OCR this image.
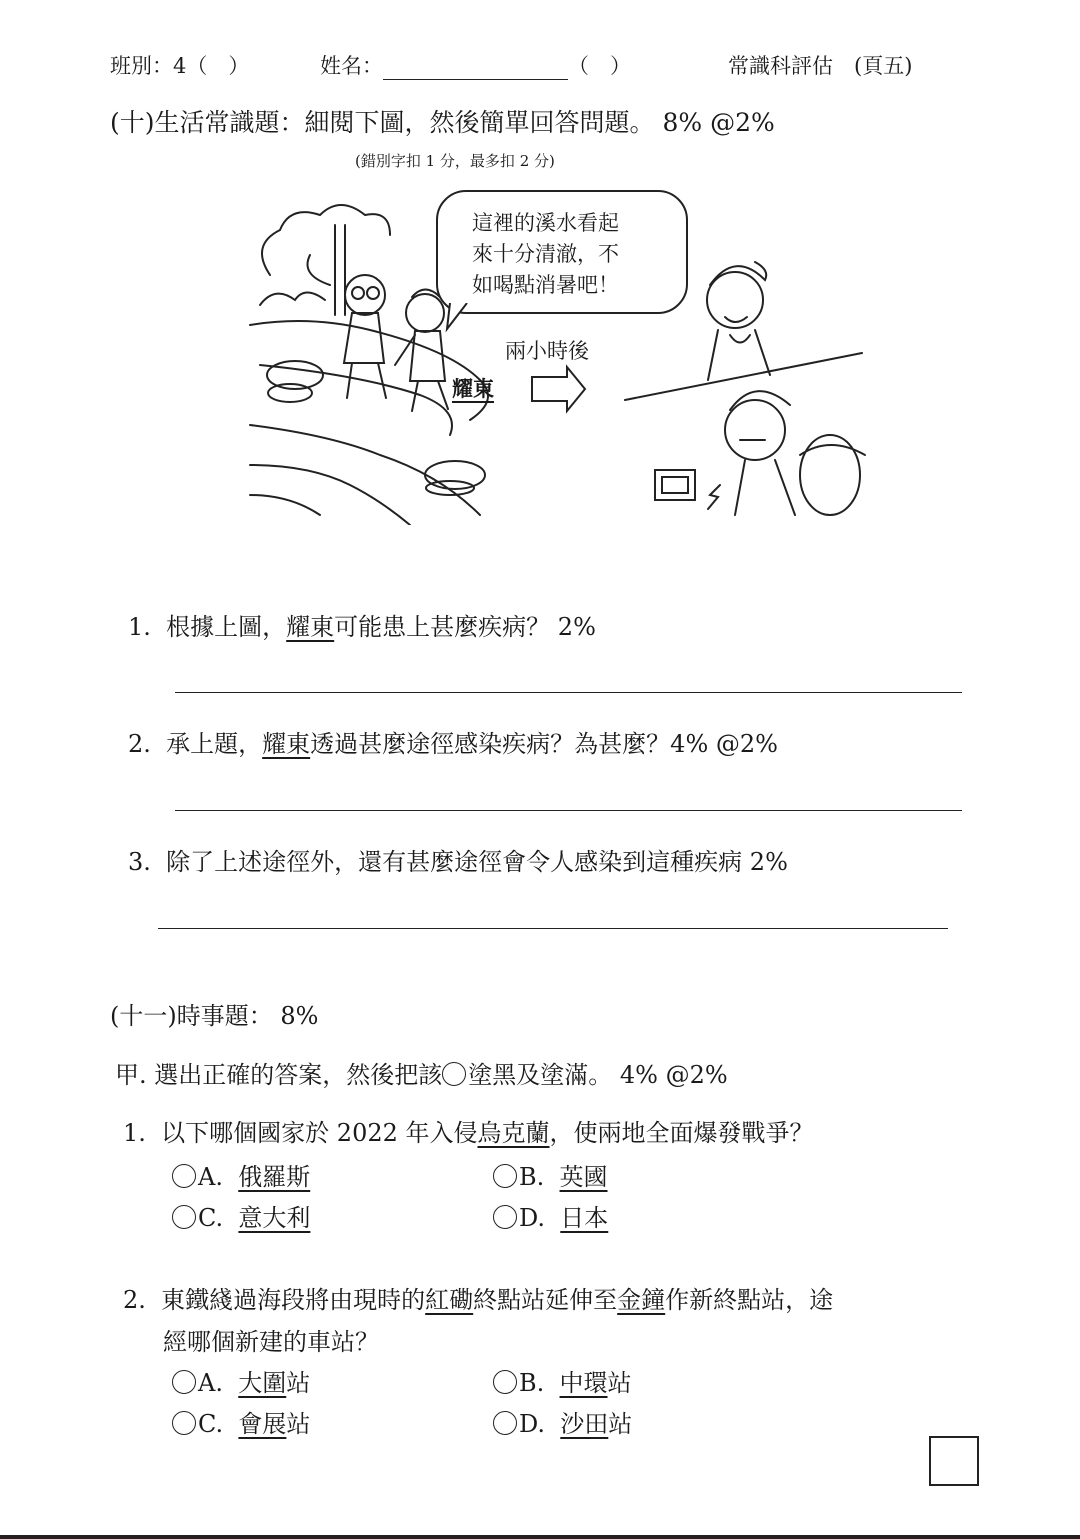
班別：4（　）	姓名：	（　）	常識科評估　(頁五)
(十)生活常識題：細閱下圖，然後簡單回答問題。 8% @2%
(錯別字扣 1 分，最多扣 2 分)
這裡的溪水看起
來十分清澈，不
如喝點消暑吧！
兩小時後
耀東
1. 根據上圖，耀東可能患上甚麼疾病？ 2%
2. 承上題，耀東透過甚麼途徑感染疾病？為甚麼？4% @2%
3. 除了上述途徑外，還有甚麼途徑會令人感染到這種疾病 2%
(十一)時事題： 8%
甲. 選出正確的答案，然後把該 塗黑及塗滿。 4% @2%
1. 以下哪個國家於 2022 年入侵烏克蘭，使兩地全面爆發戰爭？
A. 俄羅斯	B. 英國
C. 意大利	D. 日本
2. 東鐵綫過海段將由現時的紅磡終點站延伸至金鐘作新終點站，途
經哪個新建的車站？
A. 大圍站	B. 中環站
C. 會展站	D. 沙田站
